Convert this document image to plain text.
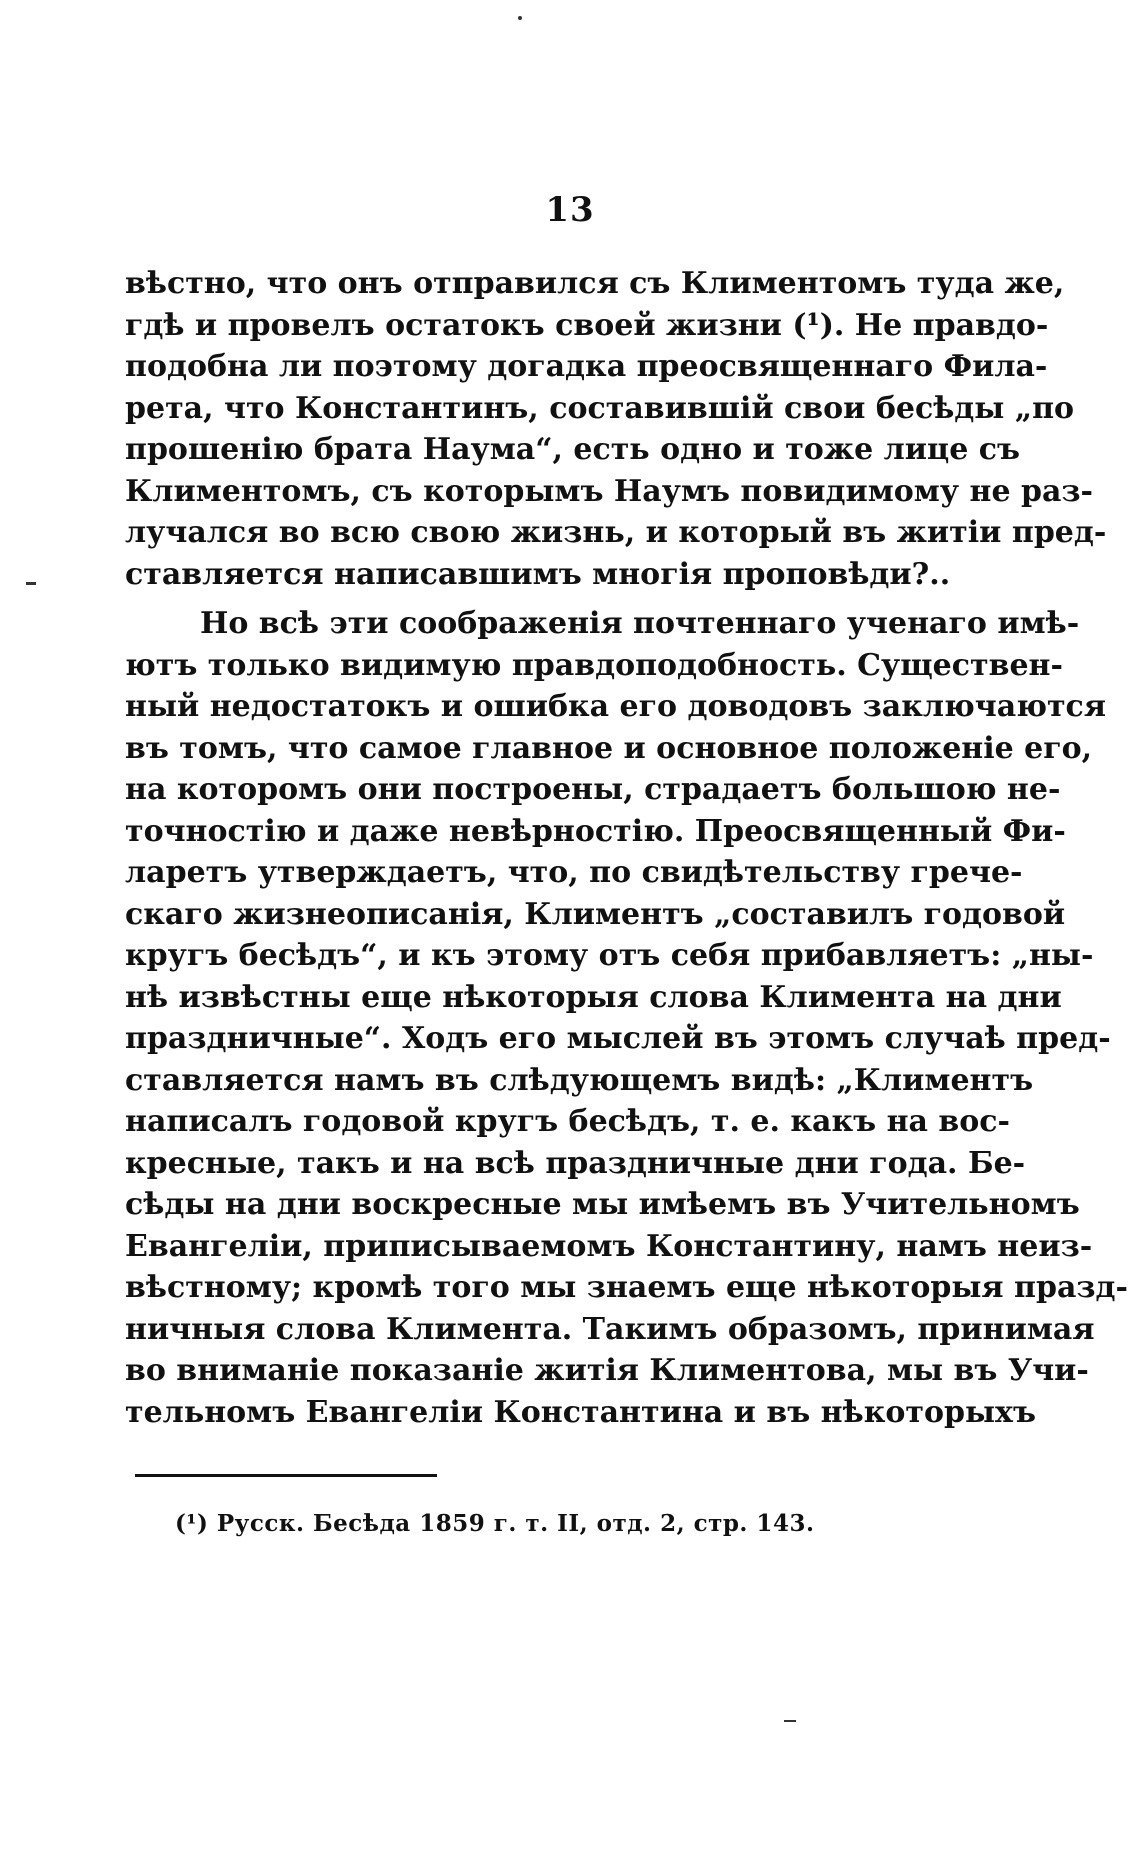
13
вѣстно, что онъ отправился съ Климентомъ туда же,
гдѣ и провелъ остатокъ своей жизни (¹). Не правдо-
подобна ли поэтому догадка преосвященнаго Фила-
рета, что Константинъ, составившій свои бесѣды „по
прошенію брата Наума“, есть одно и тоже лице съ
Климентомъ, съ которымъ Наумъ повидимому не раз-
лучался во всю свою жизнь, и который въ житіи пред-
ставляется написавшимъ многія проповѣди?..
Но всѣ эти соображенія почтеннаго ученаго имѣ-
ютъ только видимую правдоподобность. Существен-
ный недостатокъ и ошибка его доводовъ заключаются
въ томъ, что самое главное и основное положеніе его,
на которомъ они построены, страдаетъ большою не-
точностію и даже невѣрностію. Преосвященный Фи-
ларетъ утверждаетъ, что, по свидѣтельству грече-
скаго жизнеописанія, Климентъ „составилъ годовой
кругъ бесѣдъ“, и къ этому отъ себя прибавляетъ: „ны-
нѣ извѣстны еще нѣкоторыя слова Климента на дни
праздничные“. Ходъ его мыслей въ этомъ случаѣ пред-
ставляется намъ въ слѣдующемъ видѣ: „Климентъ
написалъ годовой кругъ бесѣдъ, т. е. какъ на вос-
кресные, такъ и на всѣ праздничные дни года. Бе-
сѣды на дни воскресные мы имѣемъ въ Учительномъ
Евангеліи, приписываемомъ Константину, намъ неиз-
вѣстному; кромѣ того мы знаемъ еще нѣкоторыя празд-
ничныя слова Климента. Такимъ образомъ, принимая
во вниманіе показаніе житія Климентова, мы въ Учи-
тельномъ Евангеліи Константина и въ нѣкоторыхъ
(¹) Русск. Бесѣда 1859 г. т. II, отд. 2, стр. 143.
